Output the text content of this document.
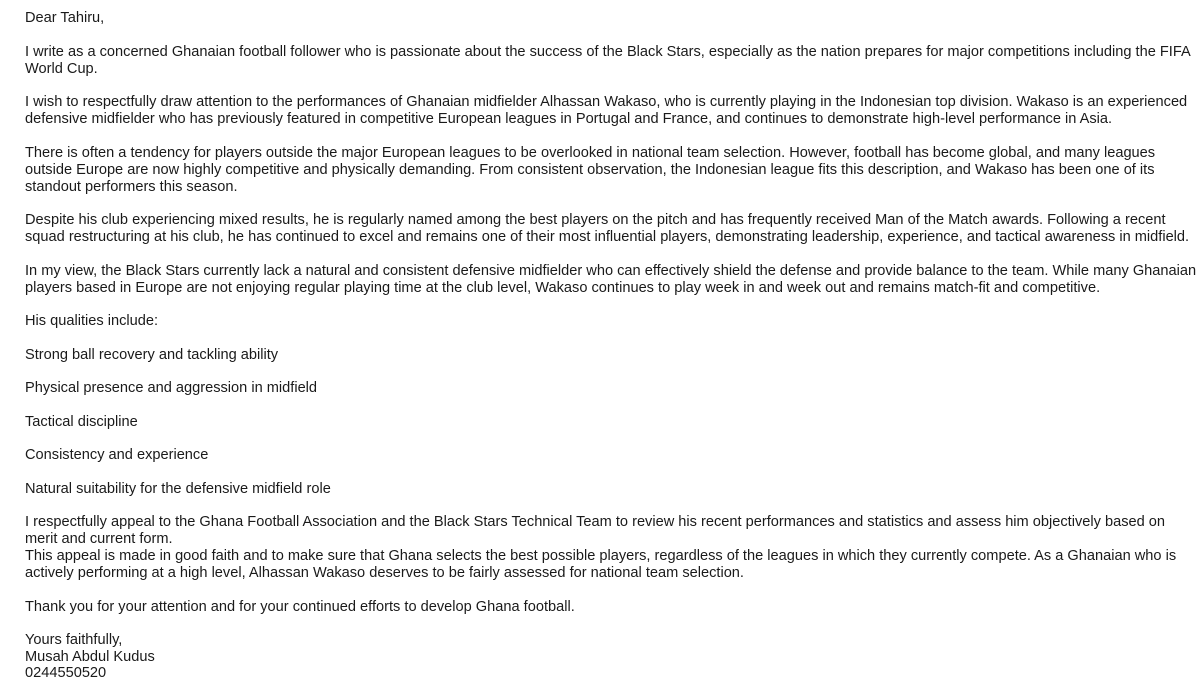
Dear Tahiru,

I write as a concerned Ghanaian football follower who is passionate about the success of the Black Stars, especially as the nation prepares for major competitions including the FIFA World Cup.

I wish to respectfully draw attention to the performances of Ghanaian midfielder Alhassan Wakaso, who is currently playing in the Indonesian top division. Wakaso is an experienced defensive midfielder who has previously featured in competitive European leagues in Portugal and France, and continues to demonstrate high-level performance in Asia.

There is often a tendency for players outside the major European leagues to be overlooked in national team selection. However, football has become global, and many leagues outside Europe are now highly competitive and physically demanding. From consistent observation, the Indonesian league fits this description, and Wakaso has been one of its standout performers this season.

Despite his club experiencing mixed results, he is regularly named among the best players on the pitch and has frequently received Man of the Match awards. Following a recent squad restructuring at his club, he has continued to excel and remains one of their most influential players, demonstrating leadership, experience, and tactical awareness in midfield.

In my view, the Black Stars currently lack a natural and consistent defensive midfielder who can effectively shield the defense and provide balance to the team. While many Ghanaian players based in Europe are not enjoying regular playing time at the club level, Wakaso continues to play week in and week out and remains match-fit and competitive.

His qualities include:

Strong ball recovery and tackling ability

Physical presence and aggression in midfield

Tactical discipline

Consistency and experience

Natural suitability for the defensive midfield role

I respectfully appeal to the Ghana Football Association and the Black Stars Technical Team to review his recent performances and statistics and assess him objectively based on merit and current form.

This appeal is made in good faith and to make sure that Ghana selects the best possible players, regardless of the leagues in which they currently compete. As a Ghanaian who is actively performing at a high level, Alhassan Wakaso deserves to be fairly assessed for national team selection.

Thank you for your attention and for your continued efforts to develop Ghana football.

Yours faithfully,
Musah Abdul Kudus
0244550520
